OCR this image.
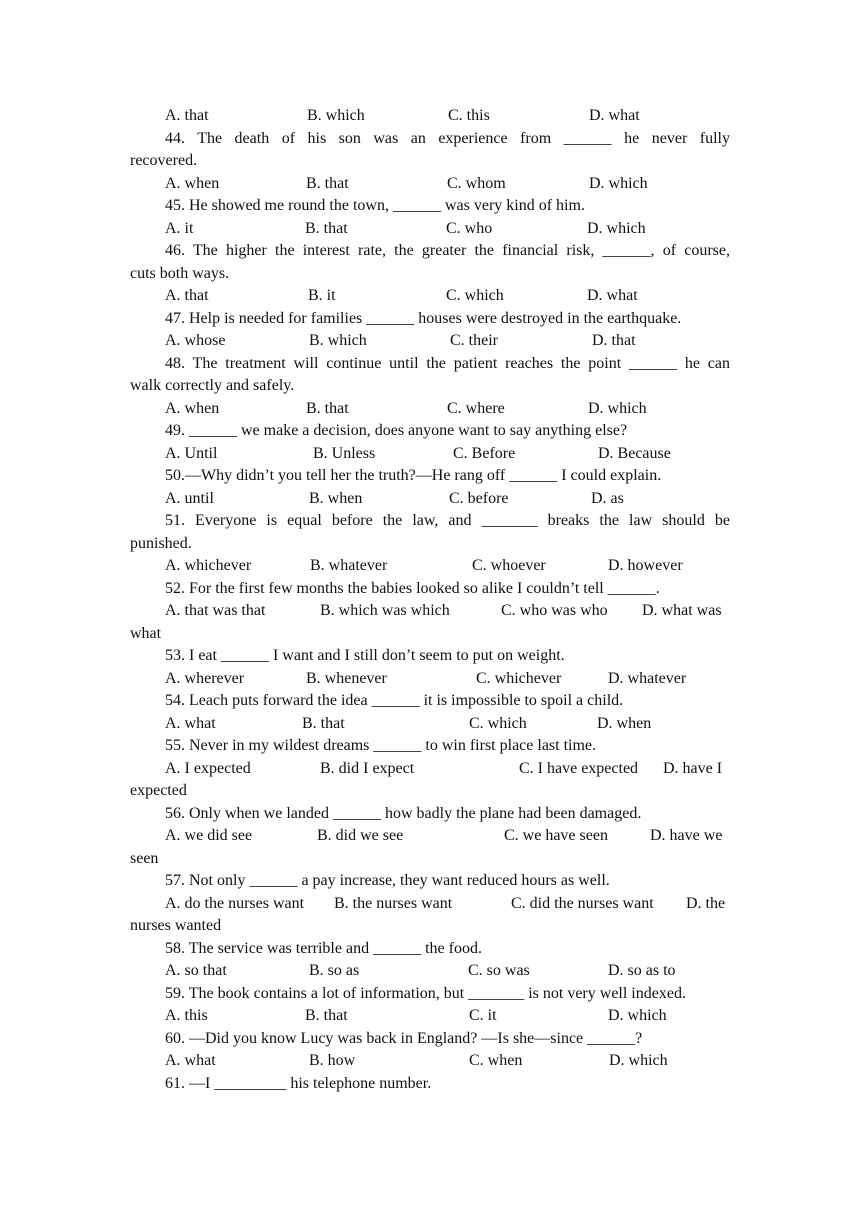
A. that	B. which	C. this	D. what
44. The death of his son was an experience from ______ he never fully
recovered.
A. when	B. that	C. whom	D. which
45. He showed me round the town, ______ was very kind of him.
A. it	B. that	C. who	D. which
46. The higher the interest rate, the greater the financial risk, ______, of course,
cuts both ways.
A. that	B. it	C. which	D. what
47. Help is needed for families ______ houses were destroyed in the earthquake.
A. whose	B. which	C. their	D. that
48. The treatment will continue until the patient reaches the point ______ he can
walk correctly and safely.
A. when	B. that	C. where	D. which
49. ______ we make a decision, does anyone want to say anything else?
A. Until	B. Unless	C. Before	D. Because
50.—Why didn’t you tell her the truth?—He rang off ______ I could explain.
A. until	B. when	C. before	D. as
51. Everyone is equal before the law, and _______ breaks the law should be
punished.
A. whichever	B. whatever	C. whoever	D. however
52. For the first few months the babies looked so alike I couldn’t tell ______.
A. that was that	B. which was which	C. who was who D. what was
what
53. I eat ______ I want and I still don’t seem to put on weight.
A. wherever	B. whenever	C. whichever	D. whatever
54. Leach puts forward the idea ______ it is impossible to spoil a child.
A. what	B. that	C. which	D. when
55. Never in my wildest dreams ______ to win first place last time.
A. I expected	B. did I expect	C. I have expected D. have I
expected
56. Only when we landed ______ how badly the plane had been damaged.
A. we did see	B. did we see	C. we have seen	D. have we
seen
57. Not only ______ a pay increase, they want reduced hours as well.
A. do the nurses want B. the nurses want	C. did the nurses want D. the
nurses wanted
58. The service was terrible and ______ the food.
A. so that	B. so as	C. so was	D. so as to
59. The book contains a lot of information, but _______ is not very well indexed.
A. this	B. that	C. it	D. which
60. —Did you know Lucy was back in England? —Is she—since ______?
A. what	B. how	C. when	D. which
61. —I _________ his telephone number.
